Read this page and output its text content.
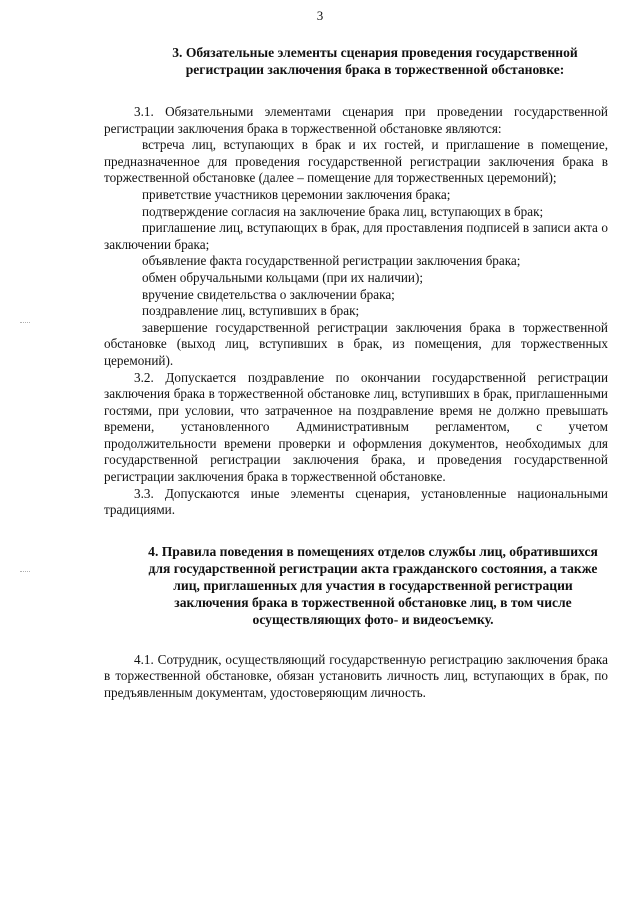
3
3. Обязательные элементы сценария проведения государственной регистрации заключения брака в торжественной обстановке:

3.1. Обязательными элементами сценария при проведении государственной регистрации заключения брака в торжественной обстановке являются:

встреча лиц, вступающих в брак и их гостей, и приглашение в помещение, предназначенное для проведения государственной регистрации заключения брака в торжественной обстановке (далее – помещение для торжественных церемоний);

приветствие участников церемонии заключения брака;

подтверждение согласия на заключение брака лиц, вступающих в брак;

приглашение лиц, вступающих в брак, для проставления подписей в записи акта о заключении брака;

объявление факта государственной регистрации заключения брака;

обмен обручальными кольцами (при их наличии);

вручение свидетельства о заключении брака;

поздравление лиц, вступивших в брак;

завершение государственной регистрации заключения брака в торжественной обстановке (выход лиц, вступивших в брак, из помещения, для торжественных церемоний).

3.2. Допускается поздравление по окончании государственной регистрации заключения брака в торжественной обстановке лиц, вступивших в брак, приглашенными гостями, при условии, что затраченное на поздравление время не должно превышать времени, установленного Административным регламентом, с учетом продолжительности времени проверки и оформления документов, необходимых для государственной регистрации заключения брака, и проведения государственной регистрации заключения брака в торжественной обстановке.

3.3. Допускаются иные элементы сценария, установленные национальными традициями.

4. Правила поведения в помещениях отделов службы лиц, обратившихся для государственной регистрации акта гражданского состояния, а также лиц, приглашенных для участия в государственной регистрации заключения брака в торжественной обстановке лиц, в том числе осуществляющих фото- и видеосъемку.

4.1. Сотрудник, осуществляющий государственную регистрацию заключения брака в торжественной обстановке, обязан установить личность лиц, вступающих в брак, по предъявленным документам, удостоверяющим личность.
